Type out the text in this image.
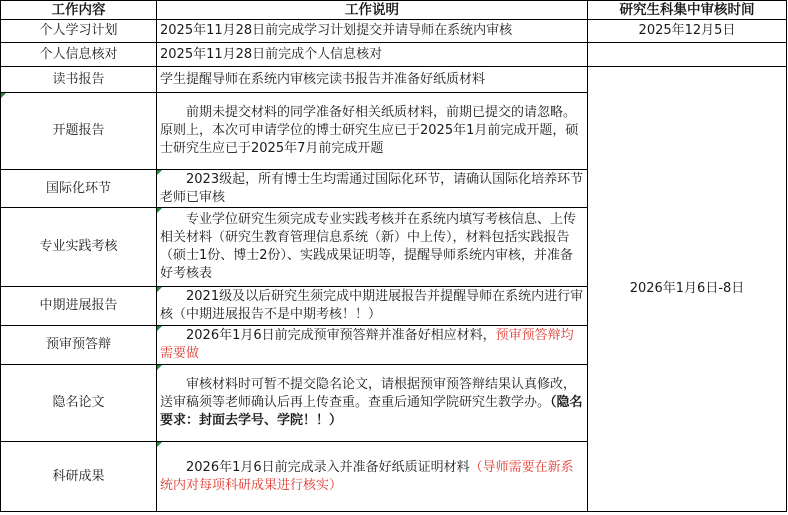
工作内容	工作说明	研究生科集中审核时间
个人学习计划	2025年11月28日前完成学习计划提交并请导师在系统内审核	2025年12月5日
个人信息核对	2025年11月28日前完成个人信息核对	
读书报告	学生提醒导师在系统内审核完读书报告并准备好纸质材料	2026年1月6日-8日

开题报告	前期未提交材料的同学准备好相关纸质材料，前期已提交的请忽略。原则上，本次可申请学位的博士研究生应已于2025年1月前完成开题，硕士研究生应已于2025年7月前完成开题	
国际化环节	2023级起，所有博士生均需通过国际化环节，请确认国际化培养环节老师已审核	
专业实践考核	专业学位研究生须完成专业实践考核并在系统内填写考核信息、上传相关材料（研究生教育管理信息系统（新）中上传），材料包括实践报告（硕士1份、博士2份）、实践成果证明等，提醒导师系统内审核，并准备好考核表	
中期进展报告	2021级及以后研究生须完成中期进展报告并提醒导师在系统内进行审核（中期进展报告不是中期考核！！）	
预审预答辩	2026年1月6日前完成预审预答辩并准备好相应材料，预审预答辩均需要做	
隐名论文	审核材料时可暂不提交隐名论文，请根据预审预答辩结果认真修改，送审稿须等老师确认后再上传查重。查重后通知学院研究生教学办。（隐名要求：封面去学号、学院！！）	
科研成果	2026年1月6日前完成录入并准备好纸质证明材料（导师需要在新系统内对每项科研成果进行核实）	
